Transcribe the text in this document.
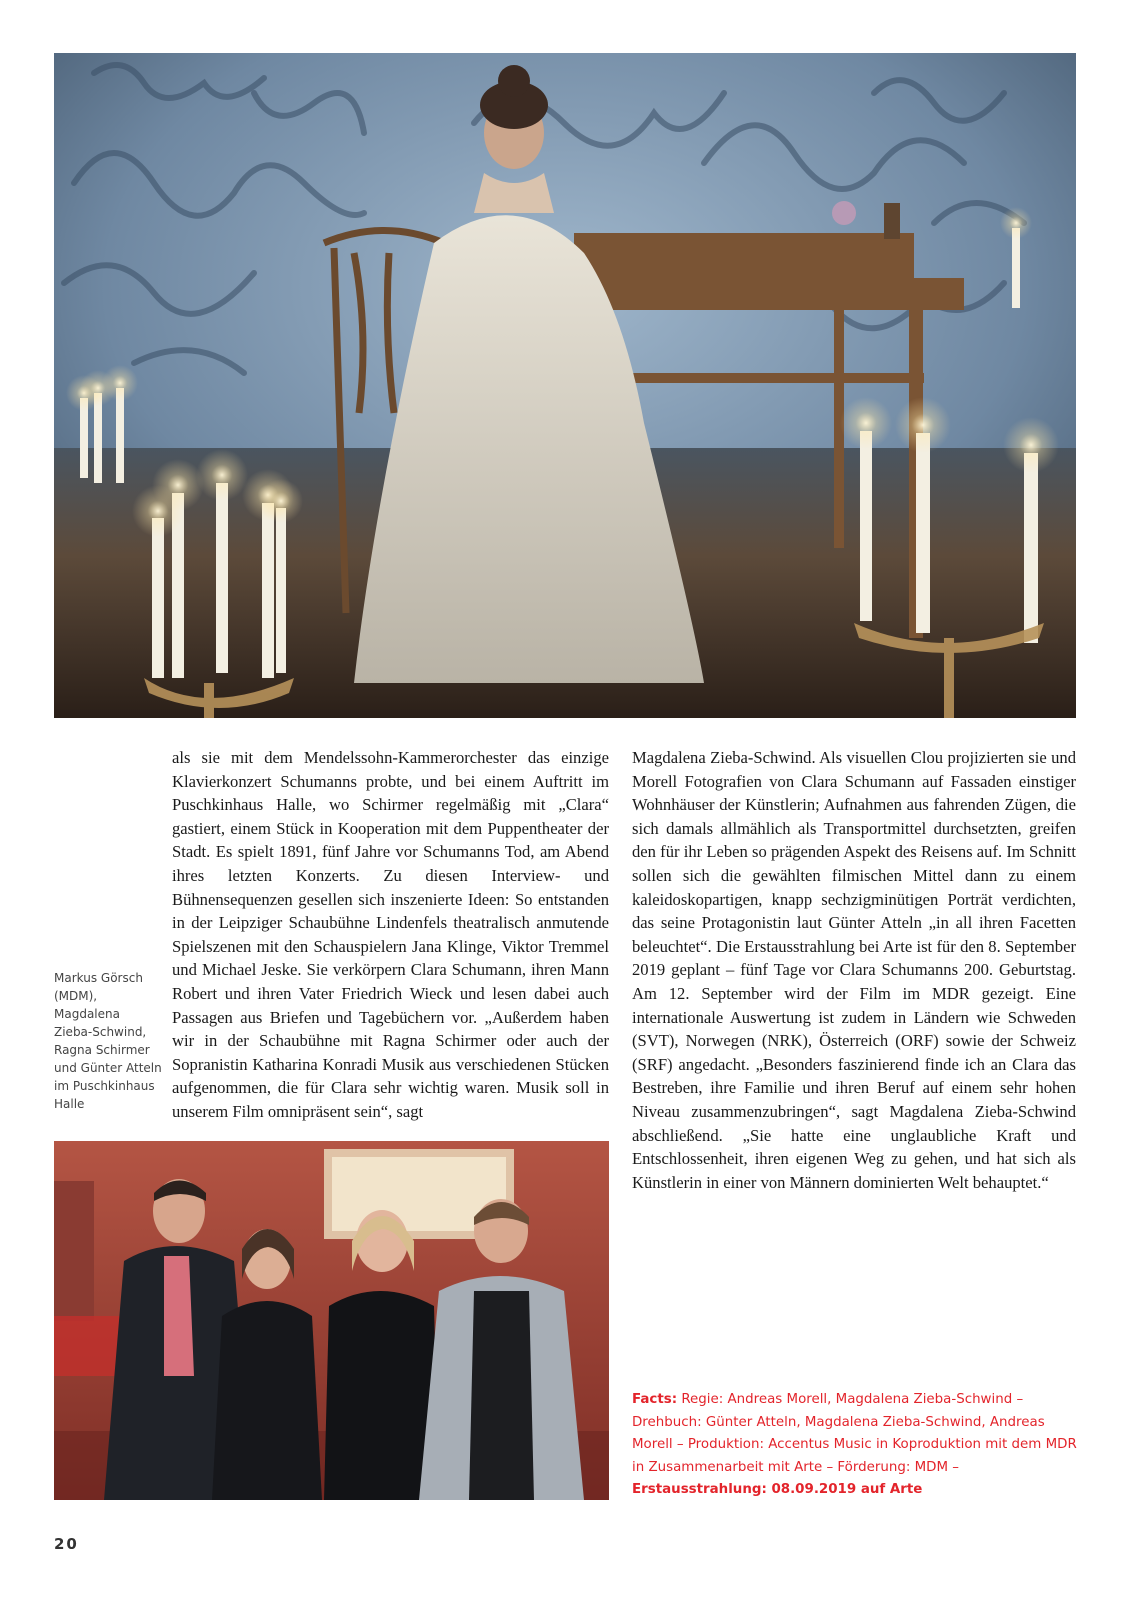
als sie mit dem Mendelssohn-Kammerorchester das einzige Klavierkonzert Schumanns probte, und bei einem Auftritt im Puschkinhaus Halle, wo Schirmer regelmäßig mit „Clara“ gastiert, einem Stück in Kooperation mit dem Puppentheater der Stadt. Es spielt 1891, fünf Jahre vor Schumanns Tod, am Abend ihres letzten Konzerts. Zu diesen Interview- und Bühnensequenzen gesellen sich inszenierte Ideen: So entstanden in der Leipziger Schaubühne Lindenfels theatralisch anmutende Spielszenen mit den Schauspielern Jana Klinge, Viktor Tremmel und Michael Jeske. Sie verkörpern Clara Schumann, ihren Mann Robert und ihren Vater Friedrich Wieck und lesen dabei auch Passagen aus Briefen und Tagebüchern vor. „Außerdem haben wir in der Schaubühne mit Ragna Schirmer oder auch der Sopranistin Katharina Konradi Musik aus verschiedenen Stücken aufgenommen, die für Clara sehr wichtig waren. Musik soll in unserem Film omnipräsent sein“, sagt
Magdalena Zieba-Schwind. Als visuellen Clou projizierten sie und Morell Fotografien von Clara Schumann auf Fassaden einstiger Wohnhäuser der Künstlerin; Aufnahmen aus fahrenden Zügen, die sich damals allmählich als Transportmittel durchsetzten, greifen den für ihr Leben so prägenden Aspekt des Reisens auf. Im Schnitt sollen sich die gewählten filmischen Mittel dann zu einem kaleidoskopartigen, knapp sechzigminütigen Porträt verdichten, das seine Protagonistin laut Günter Atteln „in all ihren Facetten beleuchtet“. Die Erstausstrahlung bei Arte ist für den 8. September 2019 geplant – fünf Tage vor Clara Schumanns 200. Geburtstag. Am 12. September wird der Film im MDR gezeigt. Eine internationale Auswertung ist zudem in Ländern wie Schweden (SVT), Norwegen (NRK), Österreich (ORF) sowie der Schweiz (SRF) angedacht. „Besonders faszinierend finde ich an Clara das Bestreben, ihre Familie und ihren Beruf auf einem sehr hohen Niveau zusammenzubringen“, sagt Magdalena Zieba-Schwind abschließend. „Sie hatte eine unglaubliche Kraft und Entschlossenheit, ihren eigenen Weg zu gehen, und hat sich als Künstlerin in einer von Männern dominierten Welt behauptet.“
Markus Görsch (MDM), Magdalena Zieba-Schwind, Ragna Schirmer und Günter Atteln im Puschkinhaus Halle
Facts: Regie: Andreas Morell, Magdalena Zieba-Schwind – Drehbuch: Günter Atteln, Magdalena Zieba-Schwind, Andreas Morell – Produktion: Accentus Music in Koproduktion mit dem MDR in Zusammenarbeit mit Arte – Förderung: MDM – Erstausstrahlung: 08.09.2019 auf Arte
20
